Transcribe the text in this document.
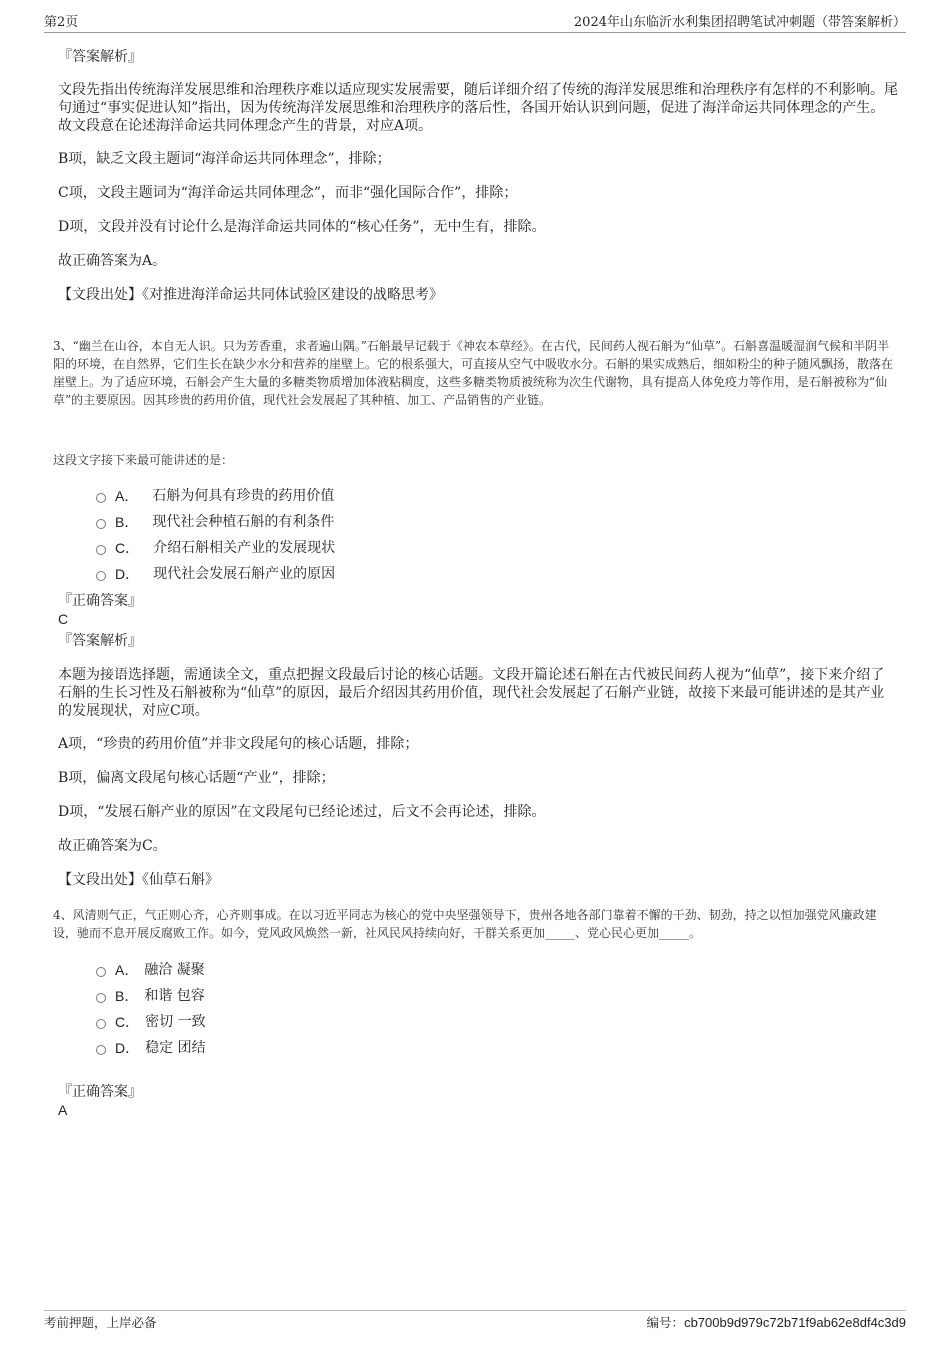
第2页	2024年山东临沂水利集团招聘笔试冲刺题（带答案解析）

『答案解析』

文段先指出传统海洋发展思维和治理秩序难以适应现实发展需要，随后详细介绍了传统的海洋发展思维和治理秩序有怎样的不利影响。尾句通过“事实促进认知”指出，因为传统海洋发展思维和治理秩序的落后性，各国开始认识到问题，促进了海洋命运共同体理念的产生。故文段意在论述海洋命运共同体理念产生的背景，对应A项。

B项，缺乏文段主题词“海洋命运共同体理念”，排除；

C项，文段主题词为“海洋命运共同体理念”，而非“强化国际合作”，排除；

D项，文段并没有讨论什么是海洋命运共同体的“核心任务”，无中生有，排除。

故正确答案为A。

【文段出处】《对推进海洋命运共同体试验区建设的战略思考》

3、“幽兰在山谷，本自无人识。只为芳香重，求者遍山隅。”石斛最早记载于《神农本草经》。在古代，民间药人视石斛为“仙草”。石斛喜温暖湿润气候和半阴半阳的环境，在自然界，它们生长在缺少水分和营养的崖壁上。它的根系强大，可直接从空气中吸收水分。石斛的果实成熟后，细如粉尘的种子随风飘扬，散落在崖壁上。为了适应环境，石斛会产生大量的多糖类物质增加体液粘稠度，这些多糖类物质被统称为次生代谢物，具有提高人体免疫力等作用，是石斛被称为“仙草”的主要原因。因其珍贵的药用价值，现代社会发展起了其种植、加工、产品销售的产业链。
这段文字接下来最可能讲述的是：
A． 石斛为何具有珍贵的药用价值
B． 现代社会种植石斛的有利条件
C． 介绍石斛相关产业的发展现状
D． 现代社会发展石斛产业的原因

『正确答案』

C

『答案解析』

本题为接语选择题，需通读全文，重点把握文段最后讨论的核心话题。文段开篇论述石斛在古代被民间药人视为“仙草”，接下来介绍了石斛的生长习性及石斛被称为“仙草”的原因，最后介绍因其药用价值，现代社会发展起了石斛产业链，故接下来最可能讲述的是其产业的发展现状，对应C项。

A项，“珍贵的药用价值”并非文段尾句的核心话题，排除；

B项，偏离文段尾句核心话题“产业”，排除；

D项，“发展石斛产业的原因”在文段尾句已经论述过，后文不会再论述，排除。

故正确答案为C。

【文段出处】《仙草石斛》

4、风清则气正，气正则心齐，心齐则事成。在以习近平同志为核心的党中央坚强领导下，贵州各地各部门靠着不懈的干劲、韧劲，持之以恒加强党风廉政建设，驰而不息开展反腐败工作。如今，党风政风焕然一新，社风民风持续向好，干群关系更加_____、党心民心更加_____。
A． 融洽 凝聚
B． 和谐 包容
C． 密切 一致
D． 稳定 团结

『正确答案』

A
考前押题，上岸必备	编号：cb700b9d979c72b71f9ab62e8df4c3d9
